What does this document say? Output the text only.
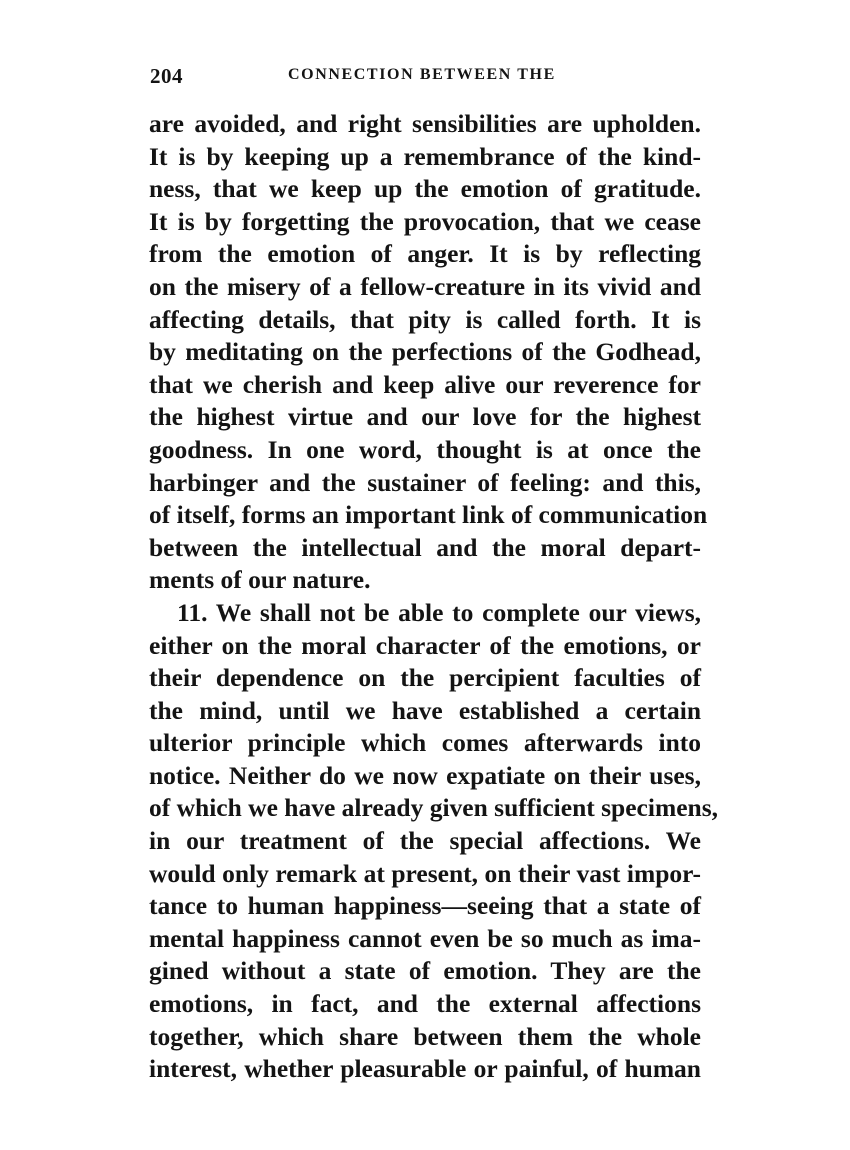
204	CONNECTION BETWEEN THE
are avoided, and right sensibilities are upholden.
It is by keeping up a remembrance of the kind-
ness, that we keep up the emotion of gratitude.
It is by forgetting the provocation, that we cease
from the emotion of anger. It is by reflecting
on the misery of a fellow-creature in its vivid and
affecting details, that pity is called forth. It is
by meditating on the perfections of the Godhead,
that we cherish and keep alive our reverence for
the highest virtue and our love for the highest
goodness. In one word, thought is at once the
harbinger and the sustainer of feeling: and this,
of itself, forms an important link of communication
between the intellectual and the moral depart-
ments of our nature.
11. We shall not be able to complete our views,
either on the moral character of the emotions, or
their dependence on the percipient faculties of
the mind, until we have established a certain
ulterior principle which comes afterwards into
notice. Neither do we now expatiate on their uses,
of which we have already given sufficient specimens,
in our treatment of the special affections. We
would only remark at present, on their vast impor-
tance to human happiness—seeing that a state of
mental happiness cannot even be so much as ima-
gined without a state of emotion. They are the
emotions, in fact, and the external affections
together, which share between them the whole
interest, whether pleasurable or painful, of human
